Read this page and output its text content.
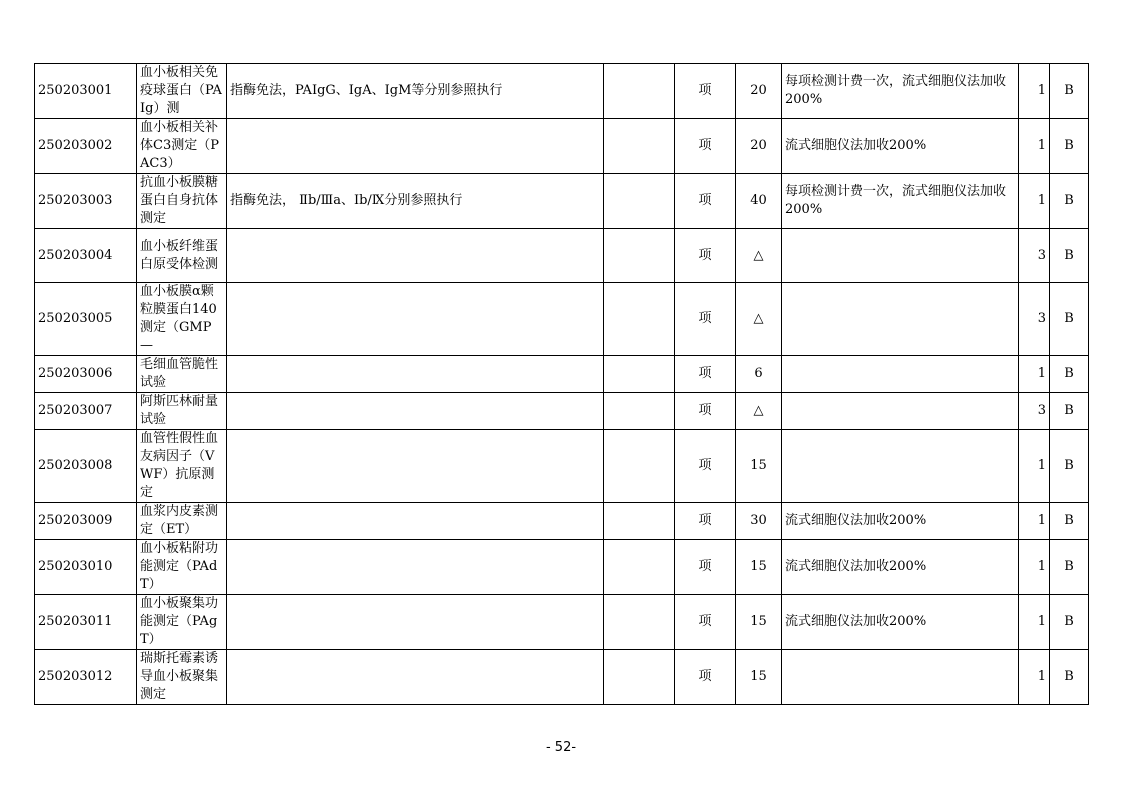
250203001	血小板相关免疫球蛋白（PAIg）测	指酶免法，PAIgG、IgA、IgM等分别参照执行		项	20	每项检测计费一次，流式细胞仪法加收200%	1	B
250203002	血小板相关补体C3测定（PAC3）			项	20	流式细胞仪法加收200%	1	B
250203003	抗血小板膜糖蛋白自身抗体测定	指酶免法， Ⅱb/Ⅲa、Ⅰb/Ⅸ分别参照执行		项	40	每项检测计费一次，流式细胞仪法加收200%	1	B
250203004	血小板纤维蛋白原受体检测			项	△		3	B
250203005	血小板膜α颗粒膜蛋白140测定（GMP—			项	△		3	B
250203006	毛细血管脆性试验			项	6		1	B
250203007	阿斯匹林耐量试验			项	△		3	B
250203008	血管性假性血友病因子（VWF）抗原测定			项	15		1	B
250203009	血浆内皮素测定（ET）			项	30	流式细胞仪法加收200%	1	B
250203010	血小板粘附功能测定（PAdT）			项	15	流式细胞仪法加收200%	1	B
250203011	血小板聚集功能测定（PAgT）			项	15	流式细胞仪法加收200%	1	B
250203012	瑞斯托霉素诱导血小板聚集测定			项	15		1	B
- 52-
